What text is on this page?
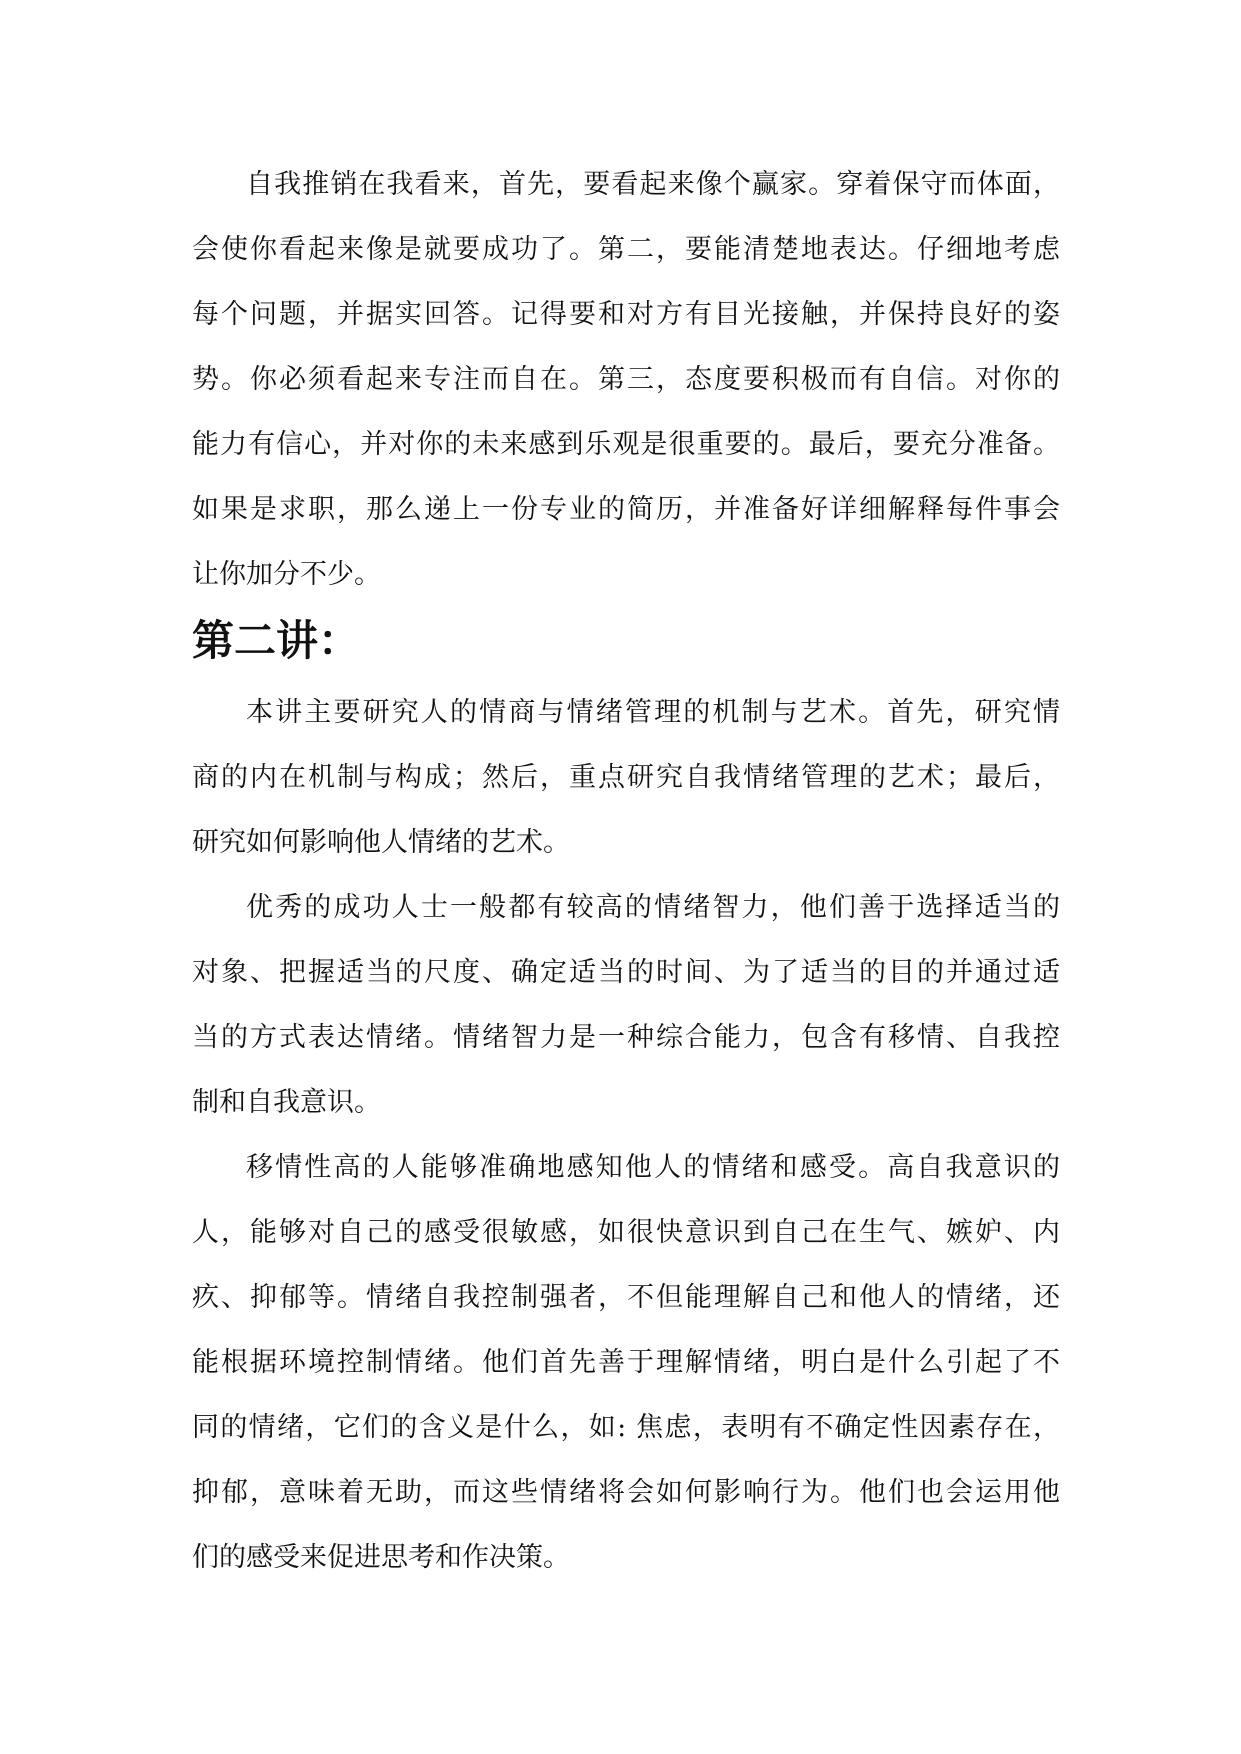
自我推销在我看来，首先，要看起来像个赢家。穿着保守而体面，
会使你看起来像是就要成功了。第二，要能清楚地表达。仔细地考虑
每个问题，并据实回答。记得要和对方有目光接触，并保持良好的姿
势。你必须看起来专注而自在。第三，态度要积极而有自信。对你的
能力有信心，并对你的未来感到乐观是很重要的。最后，要充分准备。
如果是求职，那么递上一份专业的简历，并准备好详细解释每件事会
让你加分不少。
第二讲：
本讲主要研究人的情商与情绪管理的机制与艺术。首先，研究情
商的内在机制与构成；然后，重点研究自我情绪管理的艺术；最后，
研究如何影响他人情绪的艺术。
优秀的成功人士一般都有较高的情绪智力，他们善于选择适当的
对象、把握适当的尺度、确定适当的时间、为了适当的目的并通过适
当的方式表达情绪。情绪智力是一种综合能力，包含有移情、自我控
制和自我意识。
移情性高的人能够准确地感知他人的情绪和感受。高自我意识的
人，能够对自己的感受很敏感，如很快意识到自己在生气、嫉妒、内
疚、抑郁等。情绪自我控制强者，不但能理解自己和他人的情绪，还
能根据环境控制情绪。他们首先善于理解情绪，明白是什么引起了不
同的情绪，它们的含义是什么，如: 焦虑，表明有不确定性因素存在，
抑郁，意味着无助，而这些情绪将会如何影响行为。他们也会运用他
们的感受来促进思考和作决策。
